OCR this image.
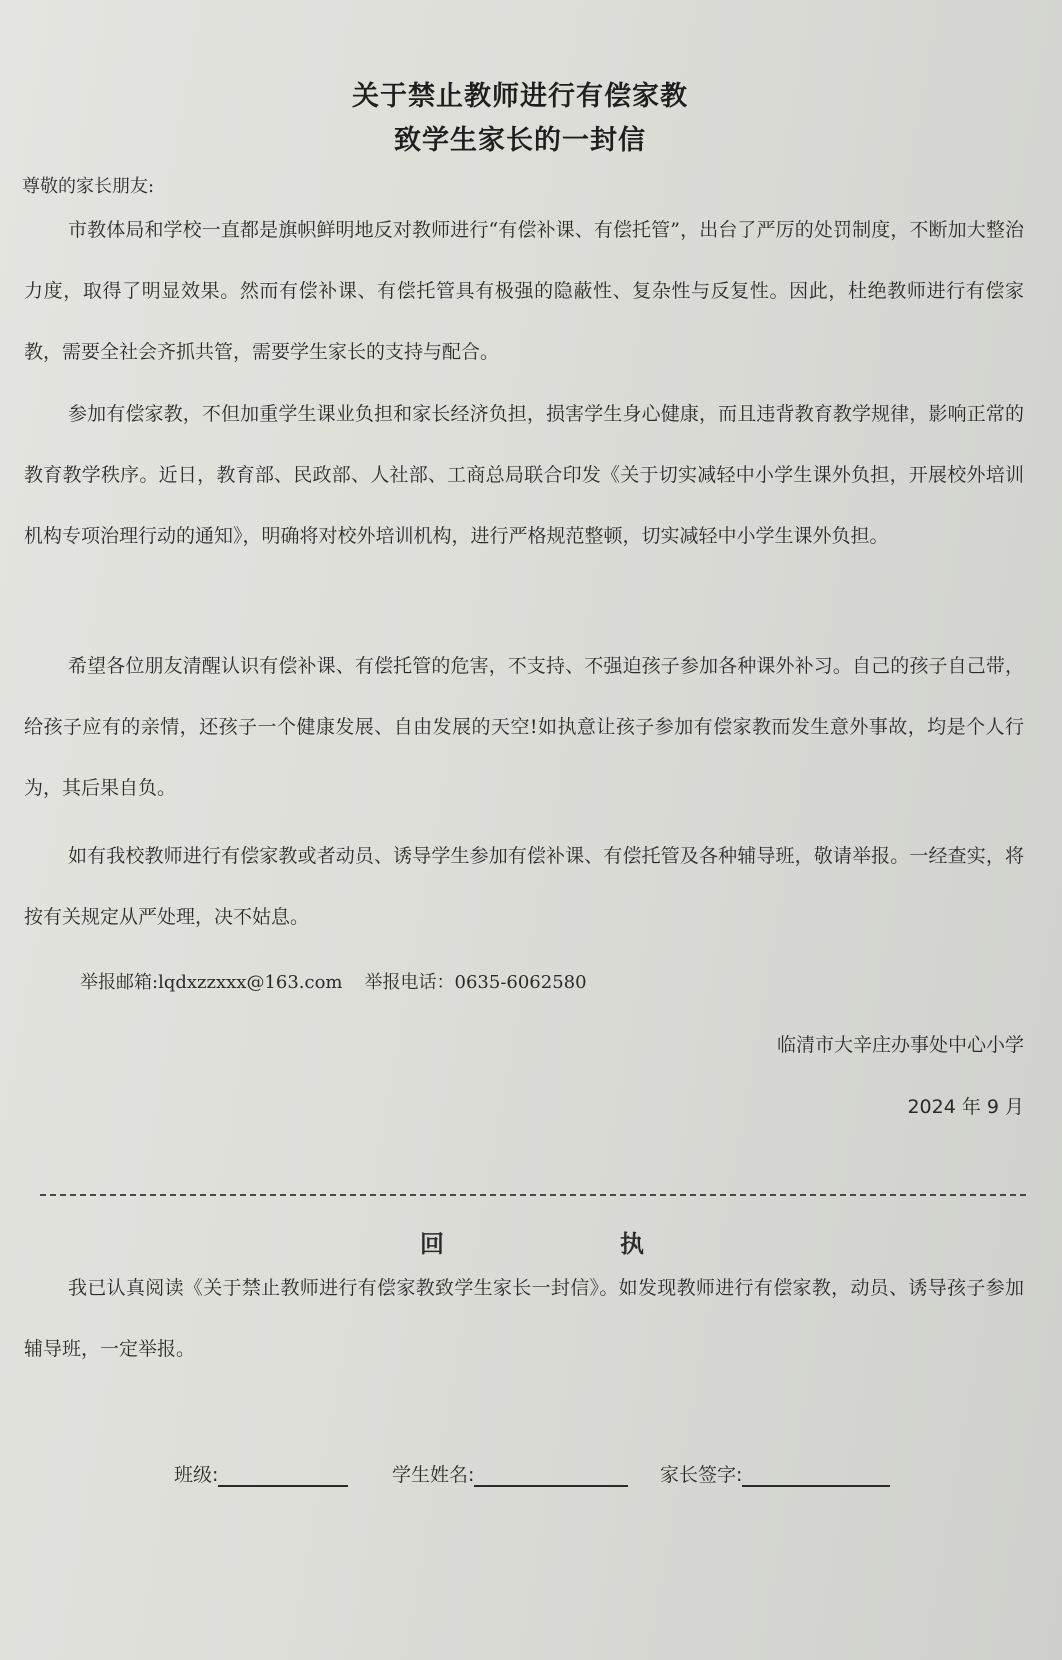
关于禁止教师进行有偿家教
致学生家长的一封信
尊敬的家长朋友:

市教体局和学校一直都是旗帜鲜明地反对教师进行“有偿补课、有偿托管”，出台了严厉的处罚制度，不断加大整治力度，取得了明显效果。然而有偿补课、有偿托管具有极强的隐蔽性、复杂性与反复性。因此，杜绝教师进行有偿家教，需要全社会齐抓共管，需要学生家长的支持与配合。

参加有偿家教，不但加重学生课业负担和家长经济负担，损害学生身心健康，而且违背教育教学规律，影响正常的教育教学秩序。近日，教育部、民政部、人社部、工商总局联合印发《关于切实减轻中小学生课外负担，开展校外培训机构专项治理行动的通知》，明确将对校外培训机构，进行严格规范整顿，切实减轻中小学生课外负担。

希望各位朋友清醒认识有偿补课、有偿托管的危害，不支持、不强迫孩子参加各种课外补习。自己的孩子自己带，给孩子应有的亲情，还孩子一个健康发展、自由发展的天空!如执意让孩子参加有偿家教而发生意外事故，均是个人行为，其后果自负。

如有我校教师进行有偿家教或者动员、诱导学生参加有偿补课、有偿托管及各种辅导班，敬请举报。一经查实，将按有关规定从严处理，决不姑息。

举报邮箱:lqdxzzxxx@163.com 举报电话：0635-6062580
临清市大辛庄办事处中心小学
2024 年 9 月
回	执

我已认真阅读《关于禁止教师进行有偿家教致学生家长一封信》。如发现教师进行有偿家教，动员、诱导孩子参加辅导班，一定举报。

班级:	学生姓名:	家长签字:
